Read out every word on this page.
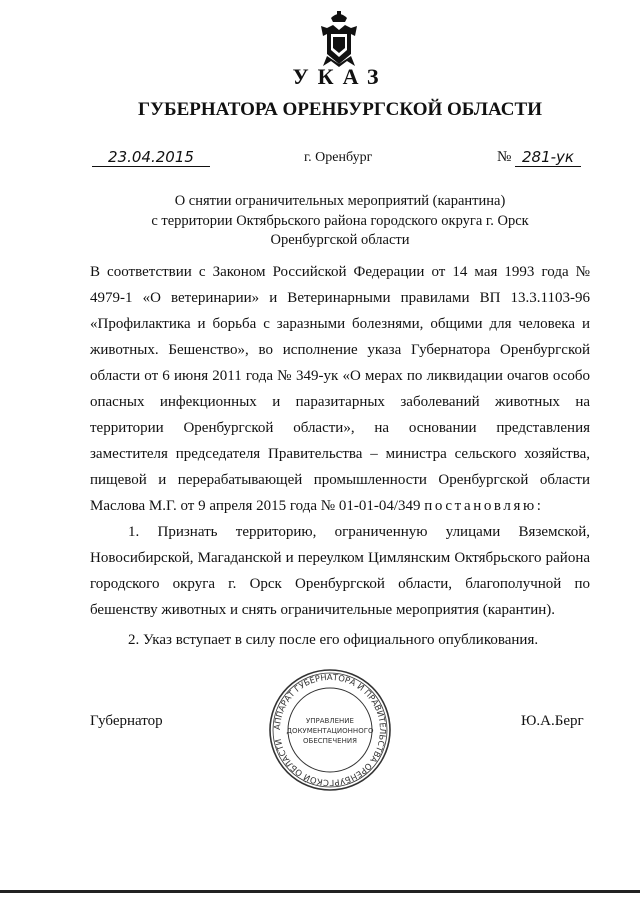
УКАЗ
ГУБЕРНАТОРА ОРЕНБУРГСКОЙ ОБЛАСТИ
23.04.2015	г. Оренбург	№ 281-ук
О снятии ограничительных мероприятий (карантина)
с территории Октябрьского района городского округа г. Орск
Оренбургской области

В соответствии с Законом Российской Федерации от 14 мая 1993 года № 4979-1 «О ветеринарии» и Ветеринарными правилами ВП 13.3.1103-96 «Профилактика и борьба с заразными болезнями, общими для человека и животных. Бешенство», во исполнение указа Губернатора Оренбургской области от 6 июня 2011 года № 349-ук «О мерах по ликвидации очагов особо опасных инфекционных и паразитарных заболеваний животных на территории Оренбургской области», на основании представления заместителя председателя Правительства – министра сельского хозяйства, пищевой и перерабатывающей промышленности Оренбургской области Маслова М.Г. от 9 апреля 2015 года № 01-01-04/349 постановляю:

1. Признать территорию, ограниченную улицами Вяземской, Новосибирской, Магаданской и переулком Цимлянским Октябрьского района городского округа г. Орск Оренбургской области, благополучной по бешенству животных и снять ограничительные мероприятия (карантин).

2. Указ вступает в силу после его официального опубликования.

Губернатор	Ю.А.Берг
АППАРАТ ГУБЕРНАТОРА И ПРАВИТЕЛЬСТВА ОРЕНБУРГСКОЙ ОБЛАСТИ
УПРАВЛЕНИЕ
ДОКУМЕНТАЦИОННОГО
ОБЕСПЕЧЕНИЯ
